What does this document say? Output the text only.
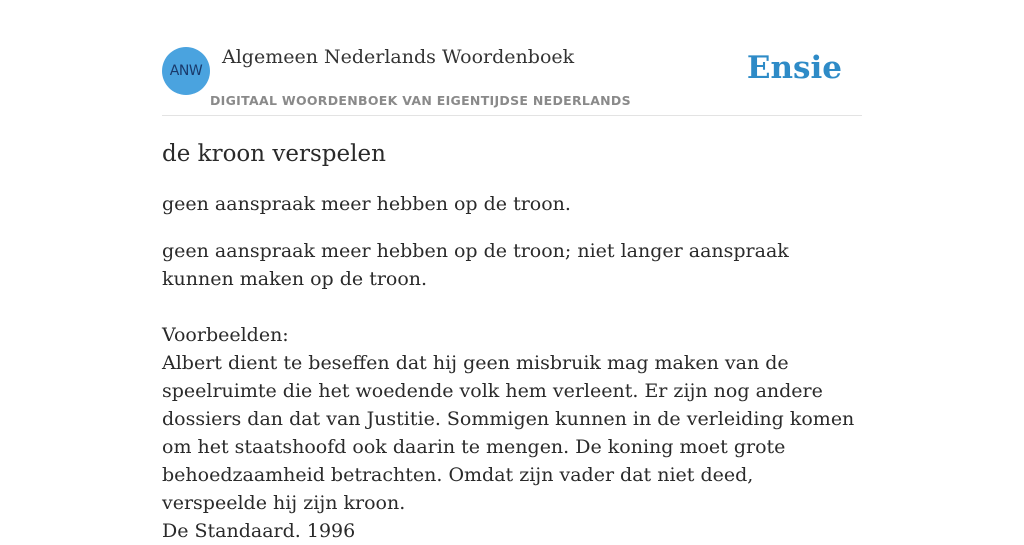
ANW
Algemeen Nederlands Woordenboek
DIGITAAL WOORDENBOEK VAN EIGENTIJDSE NEDERLANDS
Ensie
de kroon verspelen

geen aanspraak meer hebben op de troon.

geen aanspraak meer hebben op de troon; niet langer aanspraak kunnen maken op de troon.

Voorbeelden:

Albert dient te beseffen dat hij geen misbruik mag maken van de speelruimte die het woedende volk hem verleent. Er zijn nog andere dossiers dan dat van Justitie. Sommigen kunnen in de verleiding komen om het staatshoofd ook daarin te mengen. De koning moet grote behoedzaamheid betrachten. Omdat zijn vader dat niet deed, verspeelde hij zijn kroon.

De Standaard. 1996
